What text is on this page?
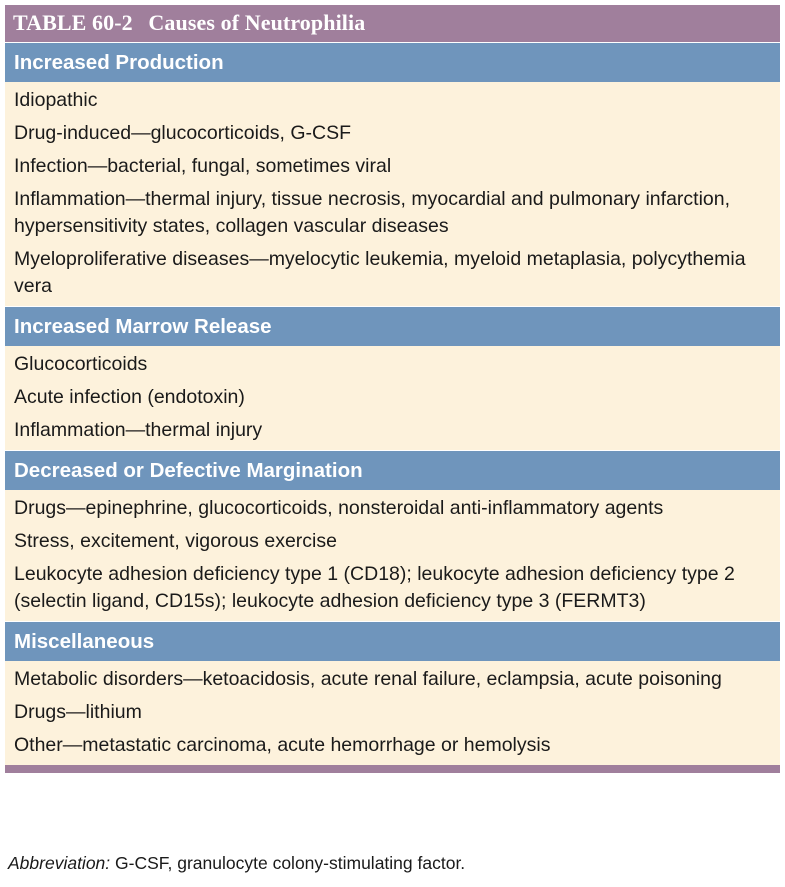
TABLE 60-2 Causes of Neutrophilia
Increased Production
Idiopathic
Drug-induced—glucocorticoids, G-CSF
Infection—bacterial, fungal, sometimes viral
Inflammation—thermal injury, tissue necrosis, myocardial and pulmonary infarction, hypersensitivity states, collagen vascular diseases
Myeloproliferative diseases—myelocytic leukemia, myeloid metaplasia, polycythemia vera
Increased Marrow Release
Glucocorticoids
Acute infection (endotoxin)
Inflammation—thermal injury
Decreased or Defective Margination
Drugs—epinephrine, glucocorticoids, nonsteroidal anti-inflammatory agents
Stress, excitement, vigorous exercise
Leukocyte adhesion deficiency type 1 (CD18); leukocyte adhesion deficiency type 2 (selectin ligand, CD15s); leukocyte adhesion deficiency type 3 (FERMT3)
Miscellaneous
Metabolic disorders—ketoacidosis, acute renal failure, eclampsia, acute poisoning
Drugs—lithium
Other—metastatic carcinoma, acute hemorrhage or hemolysis
Abbreviation: G-CSF, granulocyte colony-stimulating factor.
